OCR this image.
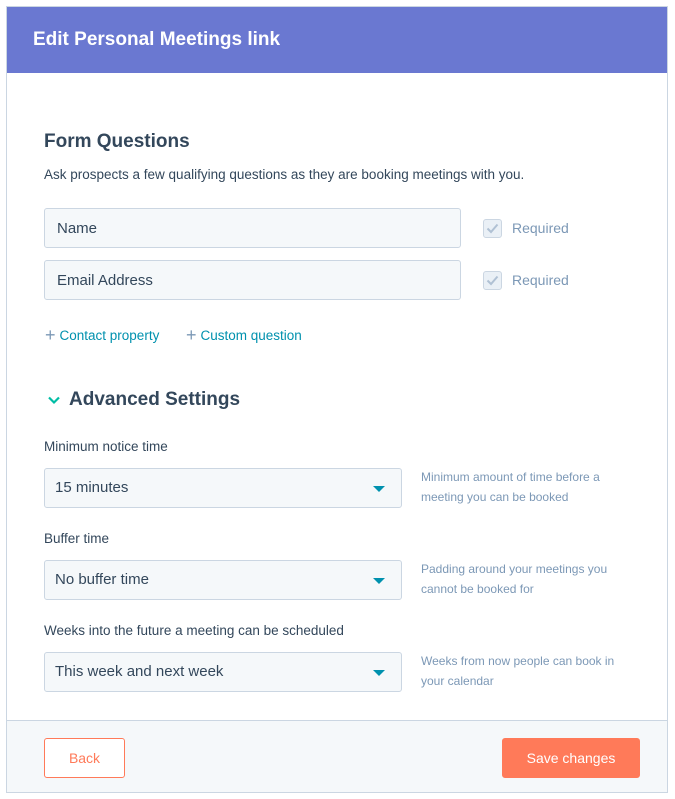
Edit Personal Meetings link
Form Questions
Ask prospects a few qualifying questions as they are booking meetings with you.
Name
Required
Email Address
Required
+ Contact property + Custom question
Advanced Settings
Minimum notice time
15 minutes
Minimum amount of time before a meeting you can be booked
Buffer time
No buffer time
Padding around your meetings you cannot be booked for
Weeks into the future a meeting can be scheduled
This week and next week
Weeks from now people can book in your calendar
Back	Save changes
